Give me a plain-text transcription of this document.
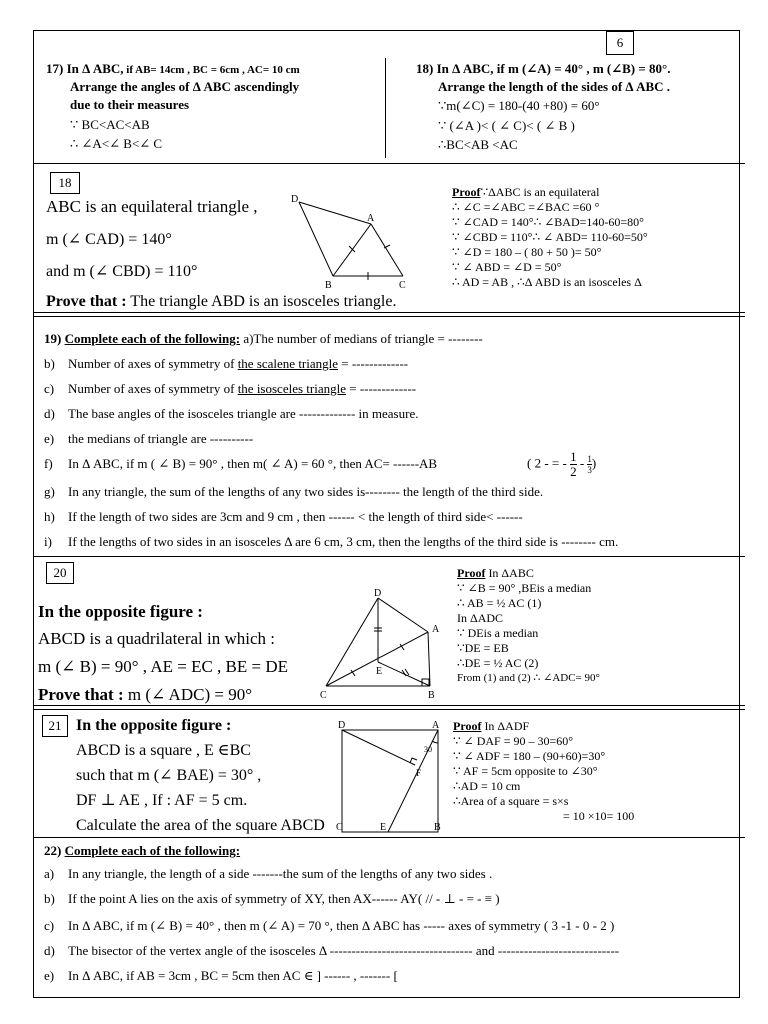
6
17) In Δ ABC, if AB= 14cm , BC = 6cm , AC= 10 cm
Arrange the angles of Δ ABC ascendingly
due to their measures
∵ BC<AC<AB
∴ ∠A<∠ B<∠ C
18) In Δ ABC, if m (∠A) = 40° , m (∠B) = 80°.
Arrange the length of the sides of Δ ABC .
∵m(∠C) = 180-(40 +80) = 60°
∵ (∠A )< ( ∠ C)< ( ∠ B )
∴BC<AB <AC
18
ABC is an equilateral triangle ,
m (∠ CAD) = 140°
and m (∠ CBD) = 110°
Prove that : The triangle ABD is an isosceles triangle.
D
A
B	C
Proof∵ΔABC is an equilateral
∴ ∠C =∠ABC =∠BAC =60 °
∵ ∠CAD = 140°∴ ∠BAD=140-60=80°
∵ ∠CBD = 110°∴ ∠ ABD= 110-60=50°
∵ ∠D = 180 – ( 80 + 50 )= 50°
∵ ∠ ABD = ∠D = 50°
∴ AD = AB , ∴Δ ABD is an isosceles Δ
19) Complete each of the following: a)The number of medians of triangle = --------
b) Number of axes of symmetry of the scalene triangle = -------------
c) Number of axes of symmetry of the isosceles triangle = -------------
d) The base angles of the isosceles triangle are ------------- in measure.
e) the medians of triangle are ----------
f) In Δ ABC, if m ( ∠ B) = 90° , then m( ∠ A) = 60 °, then AC= ------AB	( 2 - = - $\frac{1}{2} - \frac{1}{3}$ )
g) In any triangle, the sum of the lengths of any two sides is-------- the length of the third side.
h) If the length of two sides are 3cm and 9 cm , then ------ < the length of third side< ------
i) If the lengths of two sides in an isosceles Δ are 6 cm, 3 cm, then the lengths of the third side is -------- cm.
20
In the opposite figure :
ABCD is a quadrilateral in which :
m (∠ B) = 90° , AE = EC , BE = DE
Prove that : m (∠ ADC) = 90°
D
A
E
C	B
Proof In ΔABC
∵ ∠B = 90° ,BEis a median
∴ AB = ½ AC (1)
In ΔADC
∵ DEis a median
∵DE = EB
∴DE = ½ AC (2)
From (1) and (2) ∴ ∠ADC= 90°
21 In the opposite figure :
ABCD is a square , E ∈BC
such that m (∠ BAE) = 30° ,
DF ⊥ AE , If : AF = 5 cm.
Calculate the area of the square ABCD
D	A
30
F
C	E	B
Proof In ΔADF
∵ ∠ DAF = 90 – 30=60°
∵ ∠ ADF = 180 – (90+60)=30°
∵ AF = 5cm opposite to ∠30°
∴AD = 10 cm
∴Area of a square = s×s
= 10 ×10= 100
22) Complete each of the following:
a) In any triangle, the length of a side -------the sum of the lengths of any two sides .
b) If the point A lies on the axis of symmetry of XY, then AX------ AY( // - ⊥ - = - ≡ )
c) In Δ ABC, if m (∠ B) = 40° , then m (∠ A) = 70 °, then Δ ABC has ----- axes of symmetry ( 3 -1 - 0 - 2 )
d) The bisector of the vertex angle of the isosceles Δ --------------------------------- and ----------------------------
e) In Δ ABC, if AB = 3cm , BC = 5cm then AC ∈ ] ------ , ------- [
